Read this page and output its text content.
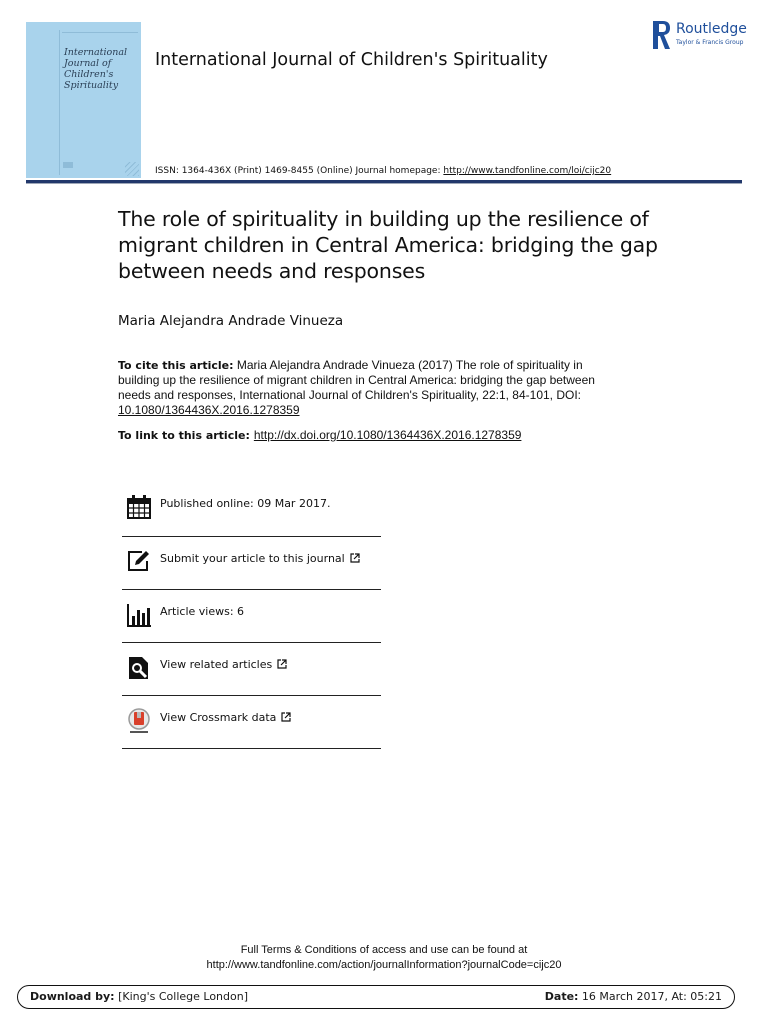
International
Journal of
Children's
Spirituality
International Journal of Children's Spirituality
Routledge
Taylor & Francis Group
ISSN: 1364-436X (Print) 1469-8455 (Online) Journal homepage: http://www.tandfonline.com/loi/cijc20
The role of spirituality in building up the resilience of migrant children in Central America: bridging the gap between needs and responses
Maria Alejandra Andrade Vinueza
To cite this article: Maria Alejandra Andrade Vinueza (2017) The role of spirituality in building up the resilience of migrant children in Central America: bridging the gap between needs and responses, International Journal of Children's Spirituality, 22:1, 84-101, DOI: 10.1080/1364436X.2016.1278359
To link to this article: http://dx.doi.org/10.1080/1364436X.2016.1278359
Published online: 09 Mar 2017.
Submit your article to this journal
Article views: 6
View related articles
View Crossmark data
Full Terms & Conditions of access and use can be found at
http://www.tandfonline.com/action/journalInformation?journalCode=cijc20
Download by: [King's College London]	Date: 16 March 2017, At: 05:21
